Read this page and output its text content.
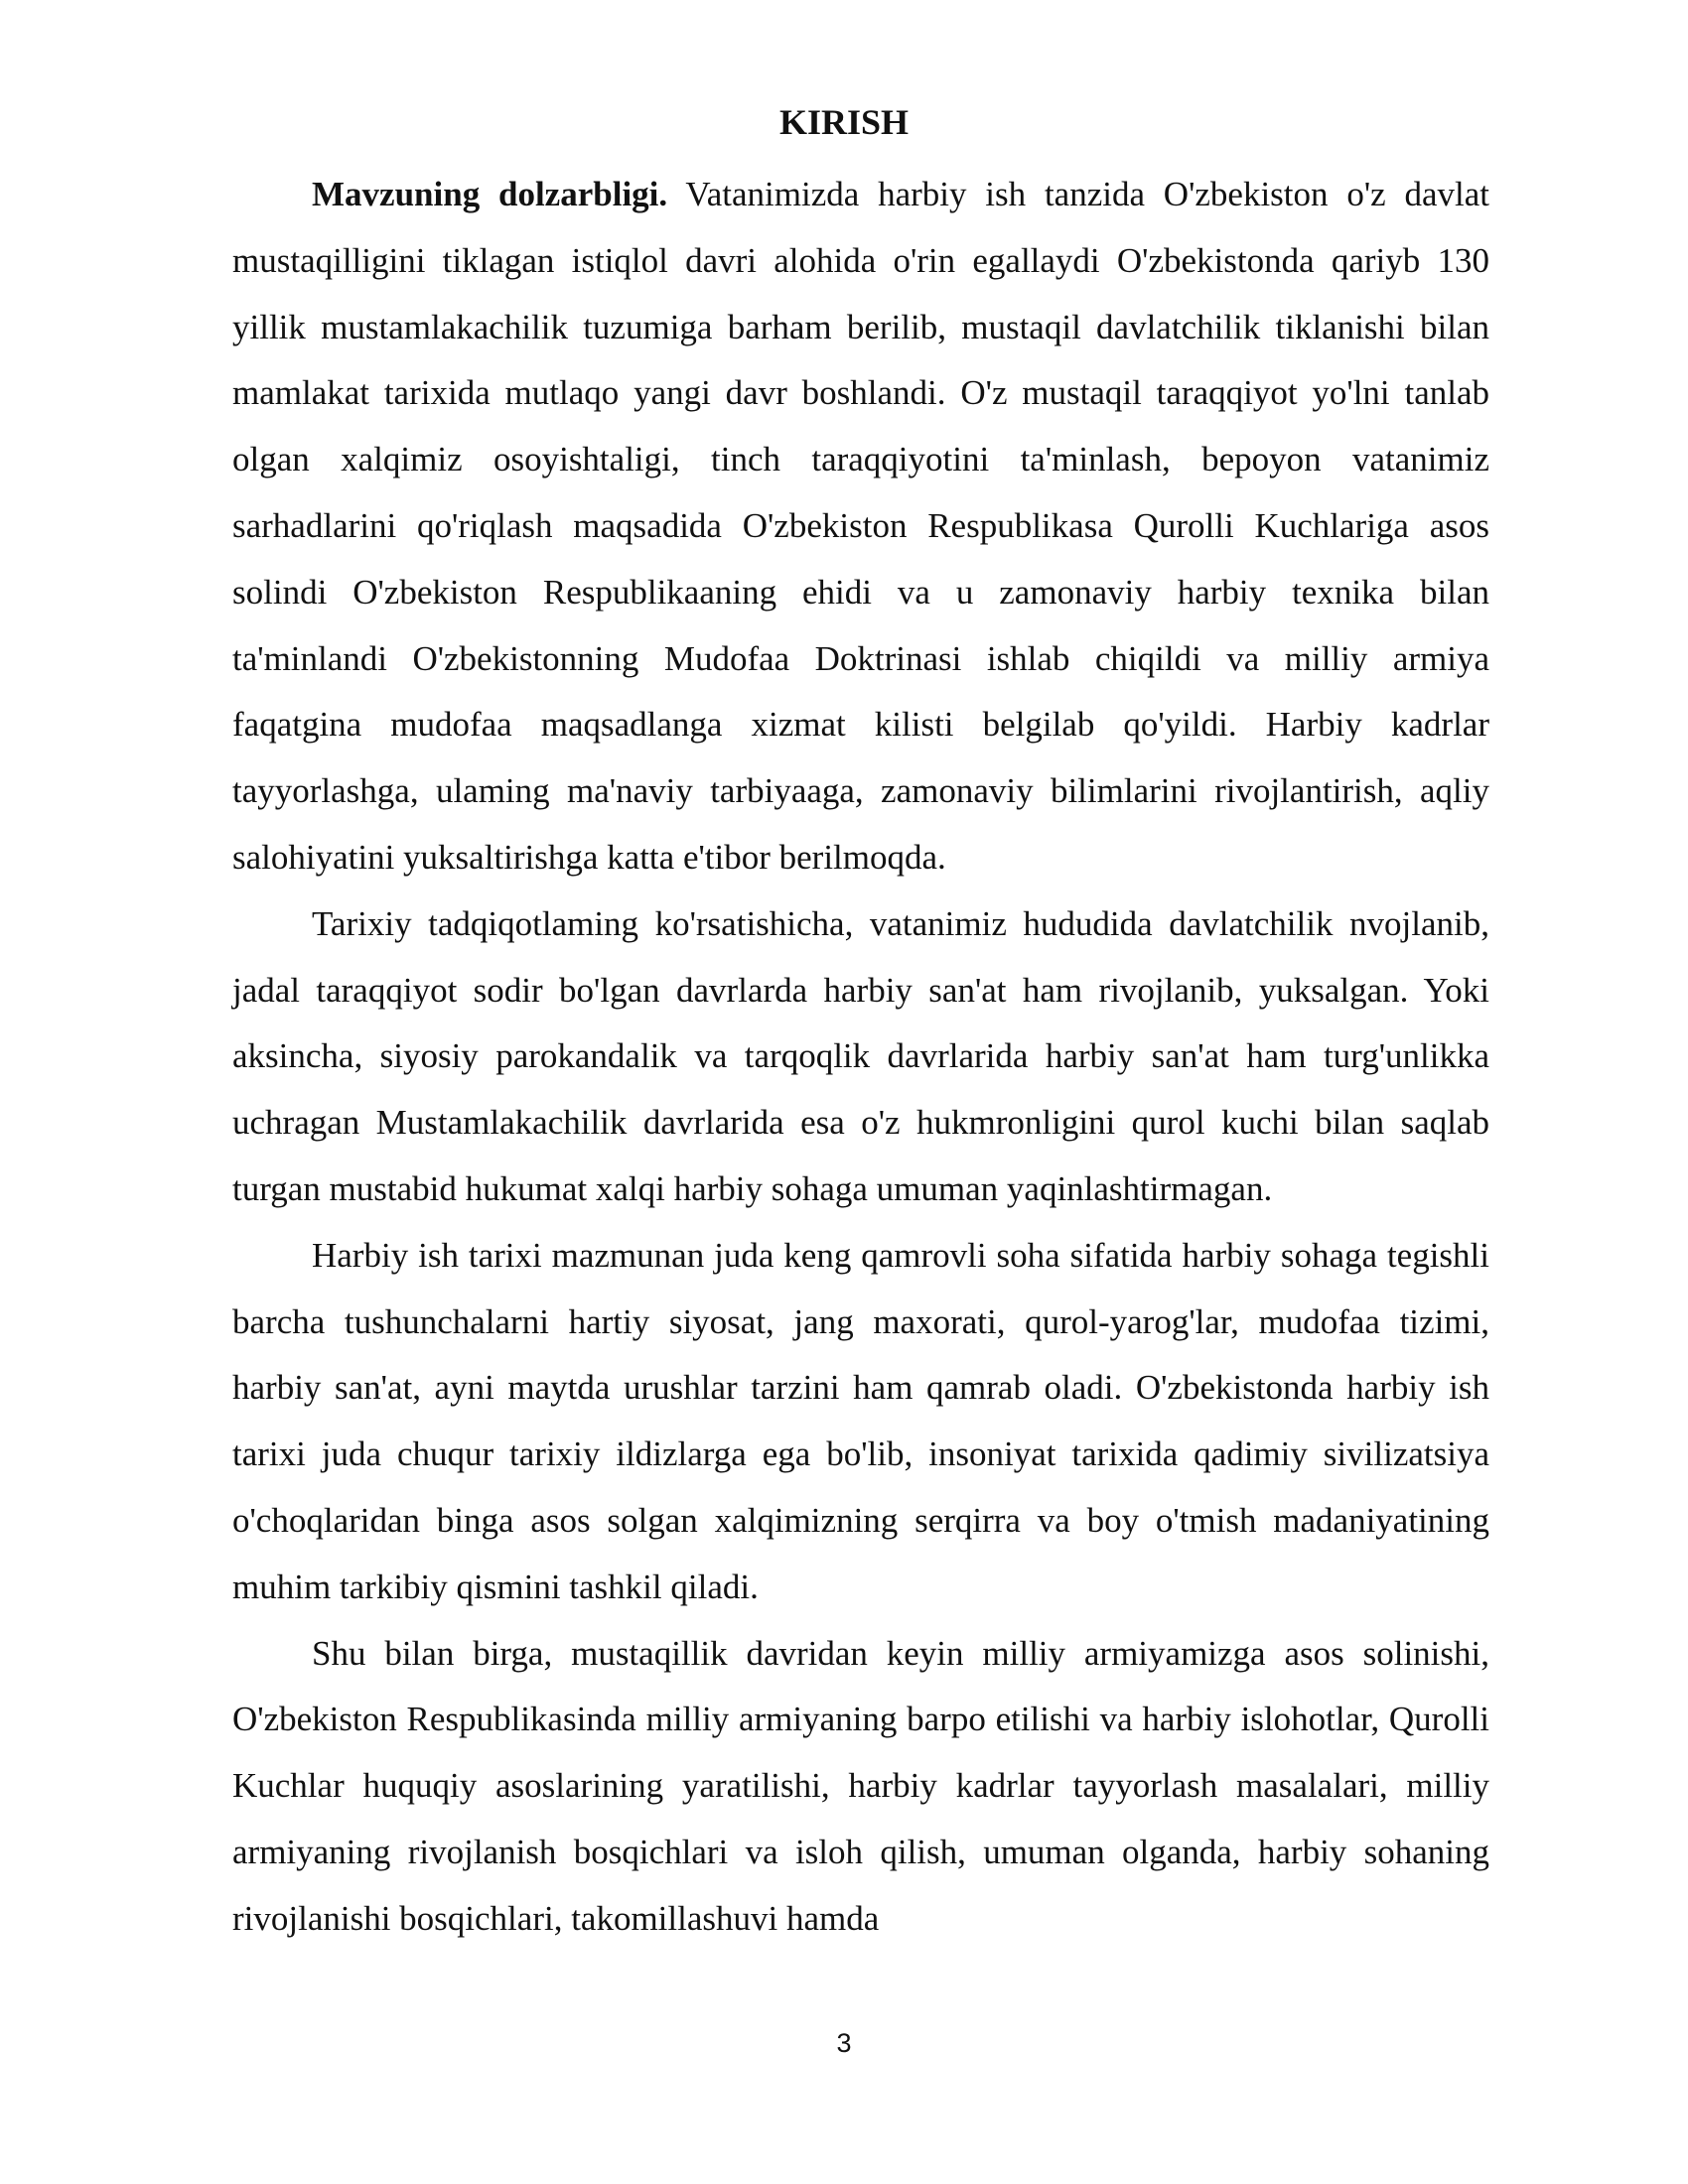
KIRISH

Mavzuning dolzarbligi. Vatanimizda harbiy ish tanzida O'zbekiston o'z davlat mustaqilligini tiklagan istiqlol davri alohida o'rin egallaydi O'zbekistonda qariyb 130 yillik mustamlakachilik tuzumiga barham berilib, mustaqil davlatchilik tiklanishi bilan mamlakat tarixida mutlaqo yangi davr boshlandi. O'z mustaqil taraqqiyot yo'lni tanlab olgan xalqimiz osoyishtaligi, tinch taraqqiyotini ta'minlash, bepoyon vatanimiz sarhadlarini qo'riqlash maqsadida O'zbekiston Respublikasa Qurolli Kuchlariga asos solindi O'zbekiston Respublikaaning ehidi va u zamonaviy harbiy texnika bilan ta'minlandi O'zbekistonning Mudofaa Doktrinasi ishlab chiqildi va milliy armiya faqatgina mudofaa maqsadlanga xizmat kilisti belgilab qo'yildi. Harbiy kadrlar tayyorlashga, ulaming ma'naviy tarbiyaaga, zamonaviy bilimlarini rivojlantirish, aqliy salohiyatini yuksaltirishga katta e'tibor berilmoqda.

Tarixiy tadqiqotlaming ko'rsatishicha, vatanimiz hududida davlatchilik nvojlanib, jadal taraqqiyot sodir bo'lgan davrlarda harbiy san'at ham rivojlanib, yuksalgan. Yoki aksincha, siyosiy parokandalik va tarqoqlik davrlarida harbiy san'at ham turg'unlikka uchragan Mustamlakachilik davrlarida esa o'z hukmronligini qurol kuchi bilan saqlab turgan mustabid hukumat xalqi harbiy sohaga umuman yaqinlashtirmagan.

Harbiy ish tarixi mazmunan juda keng qamrovli soha sifatida harbiy sohaga tegishli barcha tushunchalarni hartiy siyosat, jang maxorati, qurol-yarog'lar, mudofaa tizimi, harbiy san'at, ayni maytda urushlar tarzini ham qamrab oladi. O'zbekistonda harbiy ish tarixi juda chuqur tarixiy ildizlarga ega bo'lib, insoniyat tarixida qadimiy sivilizatsiya o'choqlaridan binga asos solgan xalqimizning serqirra va boy o'tmish madaniyatining muhim tarkibiy qismini tashkil qiladi.

Shu bilan birga, mustaqillik davridan keyin milliy armiyamizga asos solinishi, O'zbekiston Respublikasinda milliy armiyaning barpo etilishi va harbiy islohotlar, Qurolli Kuchlar huquqiy asoslarining yaratilishi, harbiy kadrlar tayyorlash masalalari, milliy armiyaning rivojlanish bosqichlari va isloh qilish, umuman olganda, harbiy sohaning rivojlanishi bosqichlari, takomillashuvi hamda

3
